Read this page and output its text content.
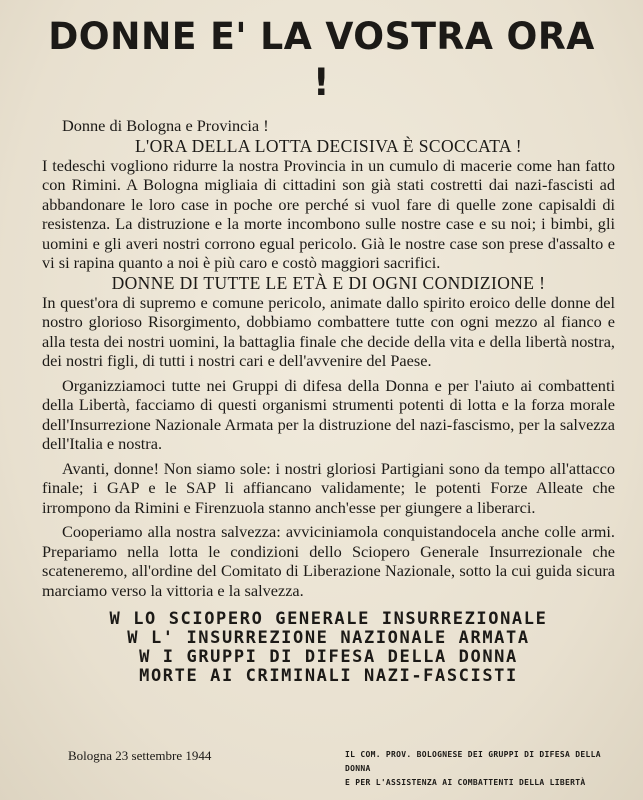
DONNE E' LA VOSTRA ORA !

Donne di Bologna e Provincia !

L'ORA DELLA LOTTA DECISIVA È SCOCCATA !

I tedeschi vogliono ridurre la nostra Provincia in un cumulo di macerie come han fatto con Rimini. A Bologna migliaia di cittadini son già stati costretti dai nazi-fascisti ad abbandonare le loro case in poche ore perché si vuol fare di quelle zone capisaldi di resistenza. La distruzione e la morte incombono sulle nostre case e su noi; i bimbi, gli uomini e gli averi nostri corrono egual pericolo. Già le nostre case son prese d'assalto e vi si rapina quanto a noi è più caro e costò maggiori sacrifici.

DONNE DI TUTTE LE ETÀ E DI OGNI CONDIZIONE !

In quest'ora di supremo e comune pericolo, animate dallo spirito eroico delle donne del nostro glorioso Risorgimento, dobbiamo combattere tutte con ogni mezzo al fianco e alla testa dei nostri uomini, la battaglia finale che decide della vita e della libertà nostra, dei nostri figli, di tutti i nostri cari e dell'avvenire del Paese.

Organizziamoci tutte nei Gruppi di difesa della Donna e per l'aiuto ai combattenti della Libertà, facciamo di questi organismi strumenti potenti di lotta e la forza morale dell'Insurrezione Nazionale Armata per la distruzione del nazi-fascismo, per la salvezza dell'Italia e nostra.

Avanti, donne! Non siamo sole: i nostri gloriosi Partigiani sono da tempo all'attacco finale; i GAP e le SAP li affiancano validamente; le potenti Forze Alleate che irrompono da Rimini e Firenzuola stanno anch'esse per giungere a liberarci.

Cooperiamo alla nostra salvezza: avviciniamola conquistandocela anche colle armi. Prepariamo nella lotta le condizioni dello Sciopero Generale Insurrezionale che scateneremo, all'ordine del Comitato di Liberazione Nazionale, sotto la cui guida sicura marciamo verso la vittoria e la salvezza.

W LO SCIOPERO GENERALE INSURREZIONALE
W L' INSURREZIONE NAZIONALE ARMATA
W I GRUPPI DI DIFESA DELLA DONNA
MORTE AI CRIMINALI NAZI-FASCISTI
Bologna 23 settembre 1944	IL COM. PROV. BOLOGNESE DEI GRUPPI DI DIFESA DELLA DONNA
E PER L'ASSISTENZA AI COMBATTENTI DELLA LIBERTÀ
